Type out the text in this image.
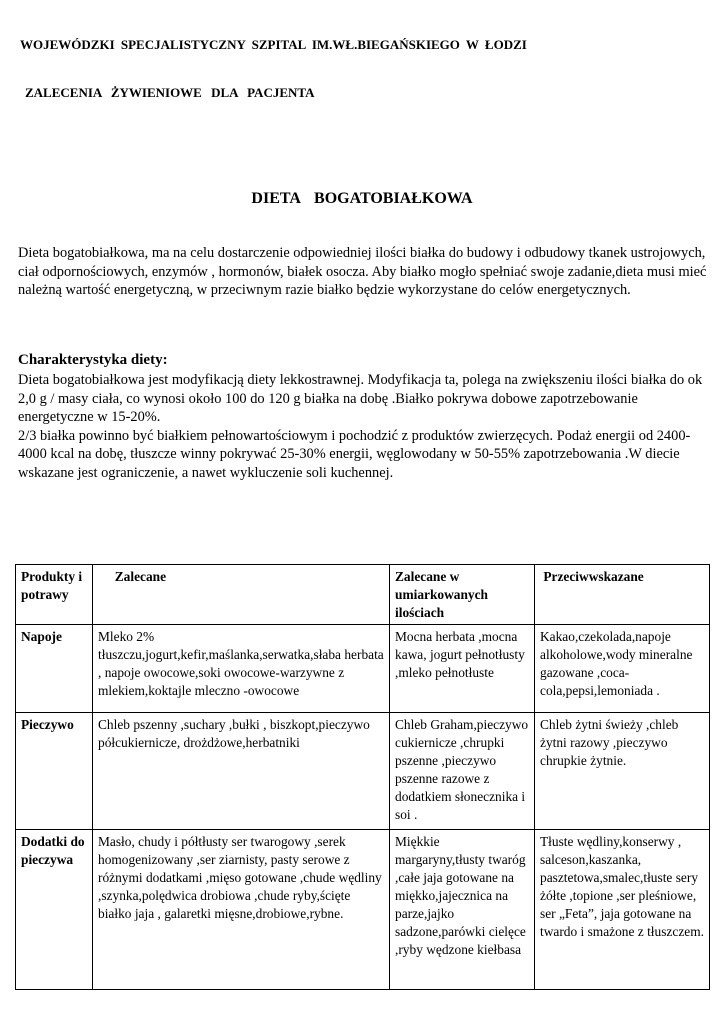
WOJEWÓDZKI SPECJALISTYCZNY SZPITAL IM.WŁ.BIEGAŃSKIEGO W ŁODZI
ZALECENIA ŻYWIENIOWE DLA PACJENTA
DIETA BOGATOBIAŁKOWA

Dieta bogatobiałkowa, ma na celu dostarczenie odpowiedniej ilości białka do budowy i odbudowy tkanek ustrojowych, ciał odpornościowych, enzymów , hormonów, białek osocza. Aby białko mogło spełniać swoje zadanie,dieta musi mieć należną wartość energetyczną, w przeciwnym razie białko będzie wykorzystane do celów energetycznych.

Charakterystyka diety:

Dieta bogatobiałkowa jest modyfikacją diety lekkostrawnej. Modyfikacja ta, polega na zwiększeniu ilości białka do ok 2,0 g / masy ciała, co wynosi około 100 do 120 g białka na dobę .Białko pokrywa dobowe zapotrzebowanie energetyczne w 15-20%.

2/3 białka powinno być białkiem pełnowartościowym i pochodzić z produktów zwierzęcych. Podaż energii od 2400- 4000 kcal na dobę, tłuszcze winny pokrywać 25-30% energii, węglowodany w 50-55% zapotrzebowania .W diecie wskazane jest ograniczenie, a nawet wykluczenie soli kuchennej.

Produkty i potrawy	Zalecane	Zalecane w umiarkowanych ilościach	Przeciwwskazane
Napoje	Mleko 2% tłuszczu,jogurt,kefir,maślanka,serwatka,słaba herbata , napoje owocowe,soki owocowe-warzywne z mlekiem,koktajle mleczno -owocowe	Mocna herbata ,mocna kawa, jogurt pełnotłusty ,mleko pełnotłuste	Kakao,czekolada,napoje alkoholowe,wody mineralne gazowane ,coca-cola,pepsi,lemoniada .
Pieczywo	Chleb pszenny ,suchary ,bułki , biszkopt,pieczywo półcukiernicze, drożdżowe,herbatniki	Chleb Graham,pieczywo cukiernicze ,chrupki pszenne ,pieczywo pszenne razowe z dodatkiem słonecznika i soi .	Chleb żytni świeży ,chleb żytni razowy ,pieczywo chrupkie żytnie.
Dodatki do pieczywa	Masło, chudy i półtłusty ser twarogowy ,serek homogenizowany ,ser ziarnisty, pasty serowe z różnymi dodatkami ,mięso gotowane ,chude wędliny ,szynka,polędwica drobiowa ,chude ryby,ścięte białko jaja , galaretki mięsne,drobiowe,rybne.	Miękkie margaryny,tłusty twaróg ,całe jaja gotowane na miękko,jajecznica na parze,jajko sadzone,parówki cielęce ,ryby wędzone kiełbasa	Tłuste wędliny,konserwy , salceson,kaszanka, pasztetowa,smalec,tłuste sery żółte ,topione ,ser pleśniowe, ser „Feta”, jaja gotowane na twardo i smażone z tłuszczem.
